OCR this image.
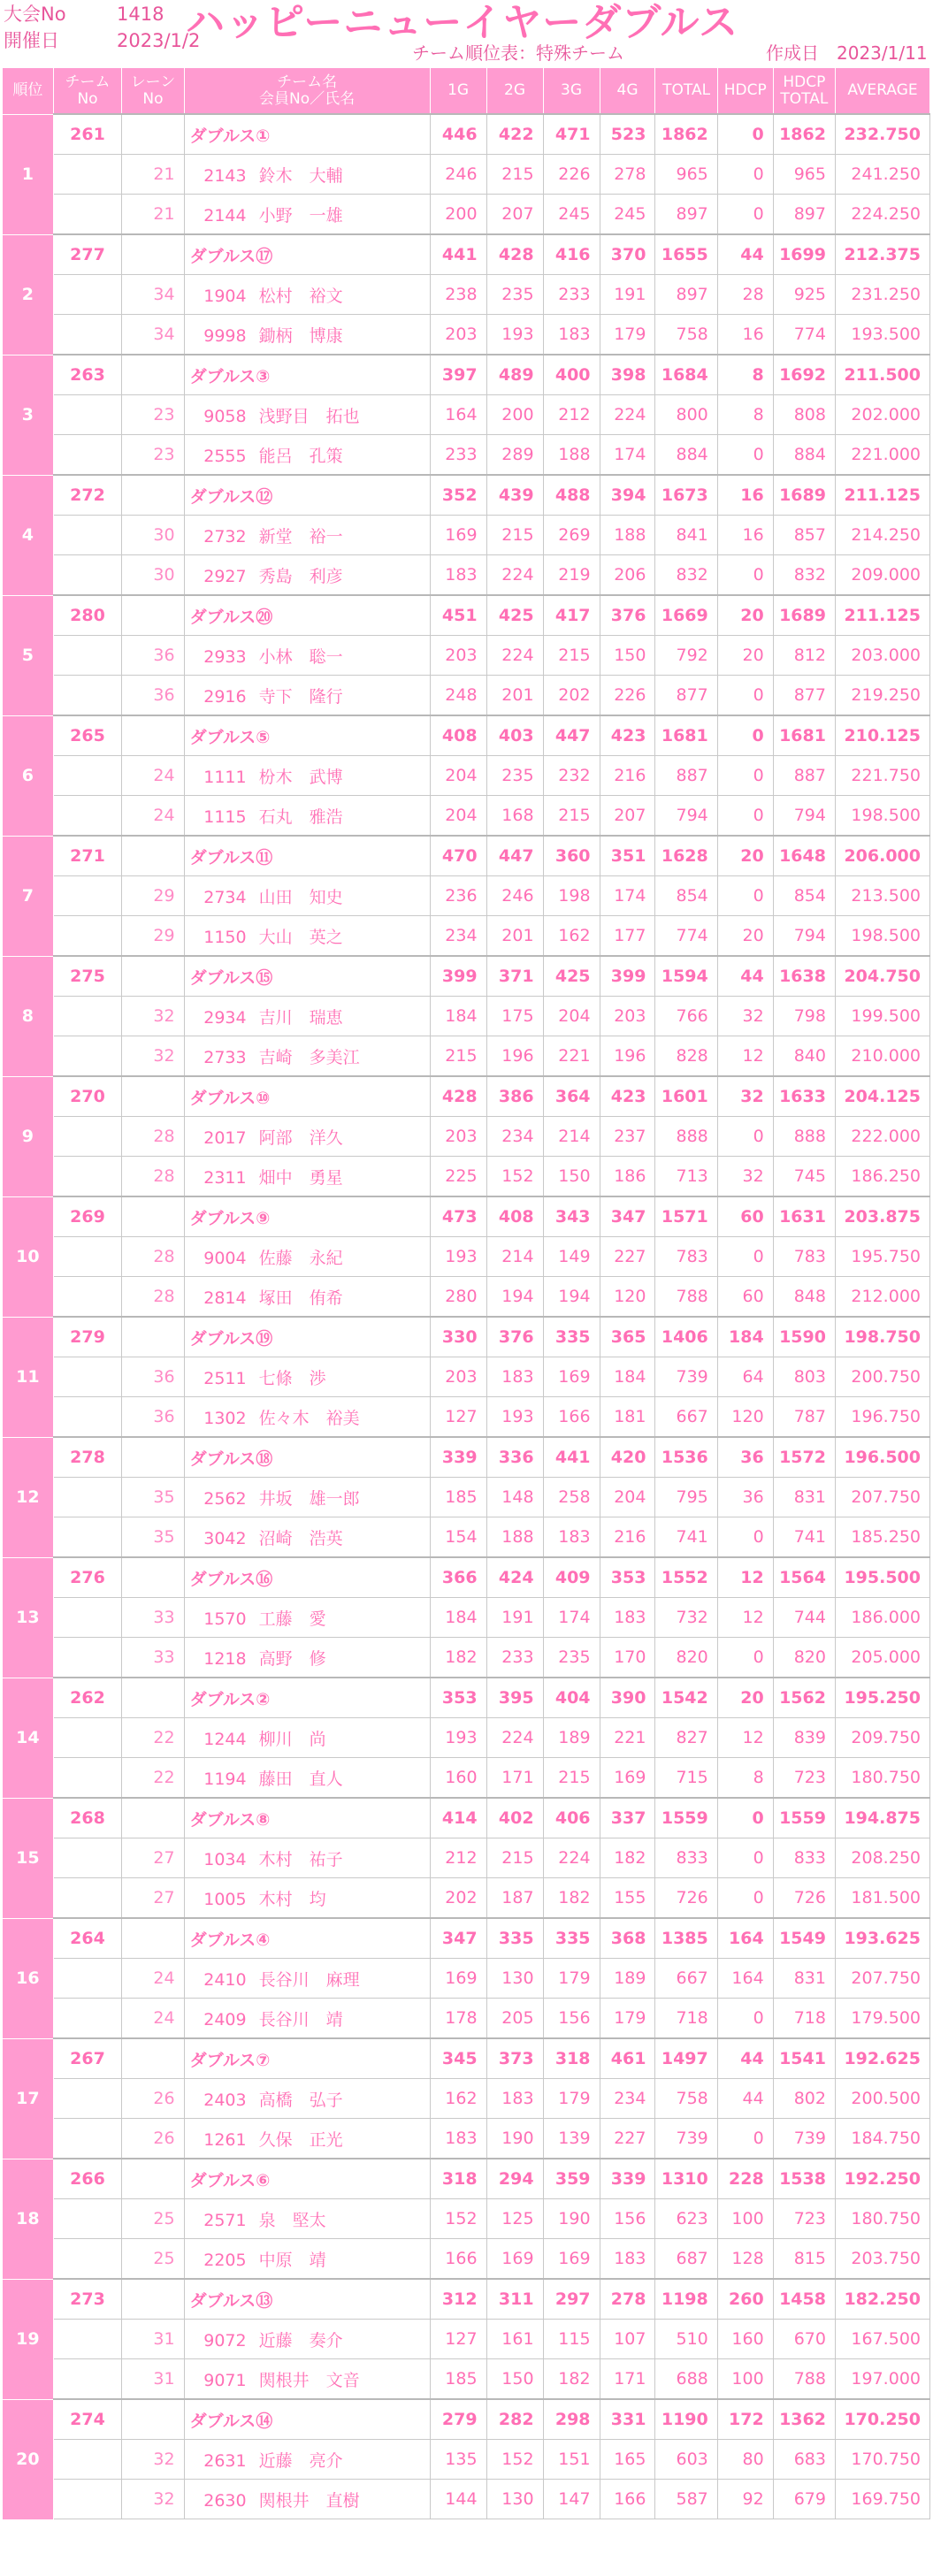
大会No	1418
開催日	2023/1/2
ハッピーニューイヤーダブルス
チーム順位表：特殊チーム	作成日 2023/1/11
順位	チーム
No	レーン
No	チーム名
会員No／氏名	1G	2G	3G	4G	TOTAL	HDCP	HDCP
TOTAL	AVERAGE
1	261		ダブルス①	446	422	471	523	1862	0	1862	232.750
		21	2143 鈴木　大輔	246	215	226	278	965	0	965	241.250
		21	2144 小野　一雄	200	207	245	245	897	0	897	224.250
2	277		ダブルス⑰	441	428	416	370	1655	44	1699	212.375
		34	1904 松村　裕文	238	235	233	191	897	28	925	231.250
		34	9998 鋤柄　博康	203	193	183	179	758	16	774	193.500
3	263		ダブルス③	397	489	400	398	1684	8	1692	211.500
		23	9058 浅野目　拓也	164	200	212	224	800	8	808	202.000
		23	2555 能呂　孔策	233	289	188	174	884	0	884	221.000
4	272		ダブルス⑫	352	439	488	394	1673	16	1689	211.125
		30	2732 新堂　裕一	169	215	269	188	841	16	857	214.250
		30	2927 秀島　利彦	183	224	219	206	832	0	832	209.000
5	280		ダブルス⑳	451	425	417	376	1669	20	1689	211.125
		36	2933 小林　聡一	203	224	215	150	792	20	812	203.000
		36	2916 寺下　隆行	248	201	202	226	877	0	877	219.250
6	265		ダブルス⑤	408	403	447	423	1681	0	1681	210.125
		24	1111 枌木　武博	204	235	232	216	887	0	887	221.750
		24	1115 石丸　雅浩	204	168	215	207	794	0	794	198.500
7	271		ダブルス⑪	470	447	360	351	1628	20	1648	206.000
		29	2734 山田　知史	236	246	198	174	854	0	854	213.500
		29	1150 大山　英之	234	201	162	177	774	20	794	198.500
8	275		ダブルス⑮	399	371	425	399	1594	44	1638	204.750
		32	2934 吉川　瑞恵	184	175	204	203	766	32	798	199.500
		32	2733 吉崎　多美江	215	196	221	196	828	12	840	210.000
9	270		ダブルス⑩	428	386	364	423	1601	32	1633	204.125
		28	2017 阿部　洋久	203	234	214	237	888	0	888	222.000
		28	2311 畑中　勇星	225	152	150	186	713	32	745	186.250
10	269		ダブルス⑨	473	408	343	347	1571	60	1631	203.875
		28	9004 佐藤　永紀	193	214	149	227	783	0	783	195.750
		28	2814 塚田　侑希	280	194	194	120	788	60	848	212.000
11	279		ダブルス⑲	330	376	335	365	1406	184	1590	198.750
		36	2511 七條　渉	203	183	169	184	739	64	803	200.750
		36	1302 佐々木　裕美	127	193	166	181	667	120	787	196.750
12	278		ダブルス⑱	339	336	441	420	1536	36	1572	196.500
		35	2562 井坂　雄一郎	185	148	258	204	795	36	831	207.750
		35	3042 沼崎　浩英	154	188	183	216	741	0	741	185.250
13	276		ダブルス⑯	366	424	409	353	1552	12	1564	195.500
		33	1570 工藤　愛	184	191	174	183	732	12	744	186.000
		33	1218 高野　修	182	233	235	170	820	0	820	205.000
14	262		ダブルス②	353	395	404	390	1542	20	1562	195.250
		22	1244 柳川　尚	193	224	189	221	827	12	839	209.750
		22	1194 藤田　直人	160	171	215	169	715	8	723	180.750
15	268		ダブルス⑧	414	402	406	337	1559	0	1559	194.875
		27	1034 木村　祐子	212	215	224	182	833	0	833	208.250
		27	1005 木村　均	202	187	182	155	726	0	726	181.500
16	264		ダブルス④	347	335	335	368	1385	164	1549	193.625
		24	2410 長谷川　麻理	169	130	179	189	667	164	831	207.750
		24	2409 長谷川　靖	178	205	156	179	718	0	718	179.500
17	267		ダブルス⑦	345	373	318	461	1497	44	1541	192.625
		26	2403 高橋　弘子	162	183	179	234	758	44	802	200.500
		26	1261 久保　正光	183	190	139	227	739	0	739	184.750
18	266		ダブルス⑥	318	294	359	339	1310	228	1538	192.250
		25	2571 泉　堅太	152	125	190	156	623	100	723	180.750
		25	2205 中原　靖	166	169	169	183	687	128	815	203.750
19	273		ダブルス⑬	312	311	297	278	1198	260	1458	182.250
		31	9072 近藤　奏介	127	161	115	107	510	160	670	167.500
		31	9071 関根井　文音	185	150	182	171	688	100	788	197.000
20	274		ダブルス⑭	279	282	298	331	1190	172	1362	170.250
		32	2631 近藤　亮介	135	152	151	165	603	80	683	170.750
		32	2630 関根井　直樹	144	130	147	166	587	92	679	169.750
